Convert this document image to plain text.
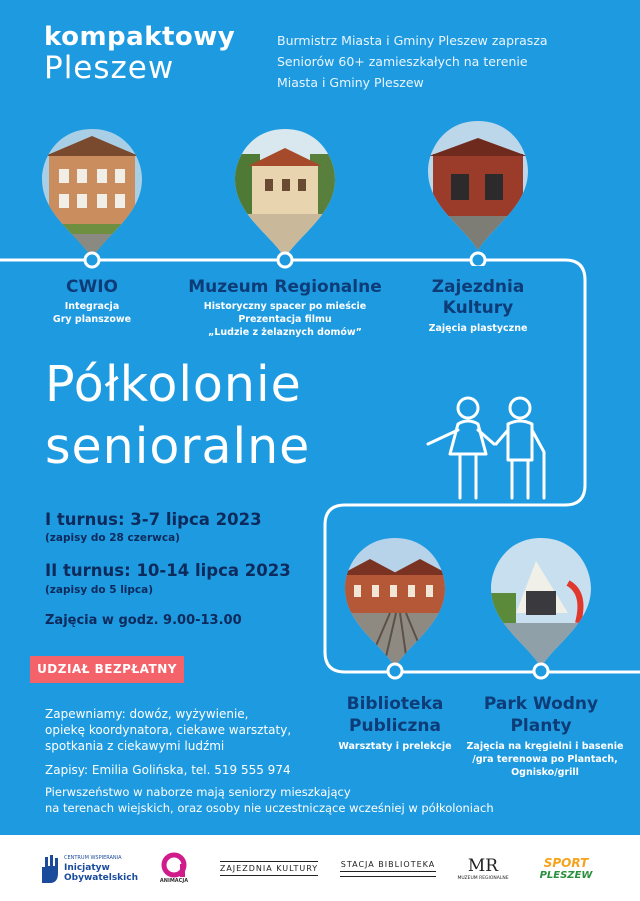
kompaktowy
Pleszew
Burmistrz Miasta i Gminy Pleszew zaprasza
Seniorów 60+ zamieszkałych na terenie
Miasta i Gminy Pleszew
CWIO
Integracja
Gry planszowe
Muzeum Regionalne
Historyczny spacer po mieście
Prezentacja filmu
„Ludzie z żelaznych domów”
Zajezdnia
Kultury
Zajęcia plastyczne
Półkolonie
senioralne
I turnus: 3-7 lipca 2023
(zapisy do 28 czerwca)
II turnus: 10-14 lipca 2023
(zapisy do 5 lipca)
Zajęcia w godz. 9.00-13.00
Biblioteka
Publiczna
Warsztaty i prelekcje
Park Wodny
Planty
Zajęcia na kręgielni i basenie
/gra terenowa po Plantach,
Ognisko/grill
UDZIAŁ BEZPŁATNY
Zapewniamy: dowóz, wyżywienie,
opiekę koordynatora, ciekawe warsztaty,
spotkania z ciekawymi ludźmi
Zapisy: Emilia Golińska, tel. 519 555 974
Pierwszeństwo w naborze mają seniorzy mieszkający
na terenach wiejskich, oraz osoby nie uczestniczące wcześniej w półkoloniach
CENTRUM WSPIERANIA
Inicjatyw
Obywatelskich	ANIMACJA
ZAJEZDNIA KULTURY	STACJA BIBLIOTEKA MR
MUZEUM REGIONALNE
SPORT
PLESZEW
